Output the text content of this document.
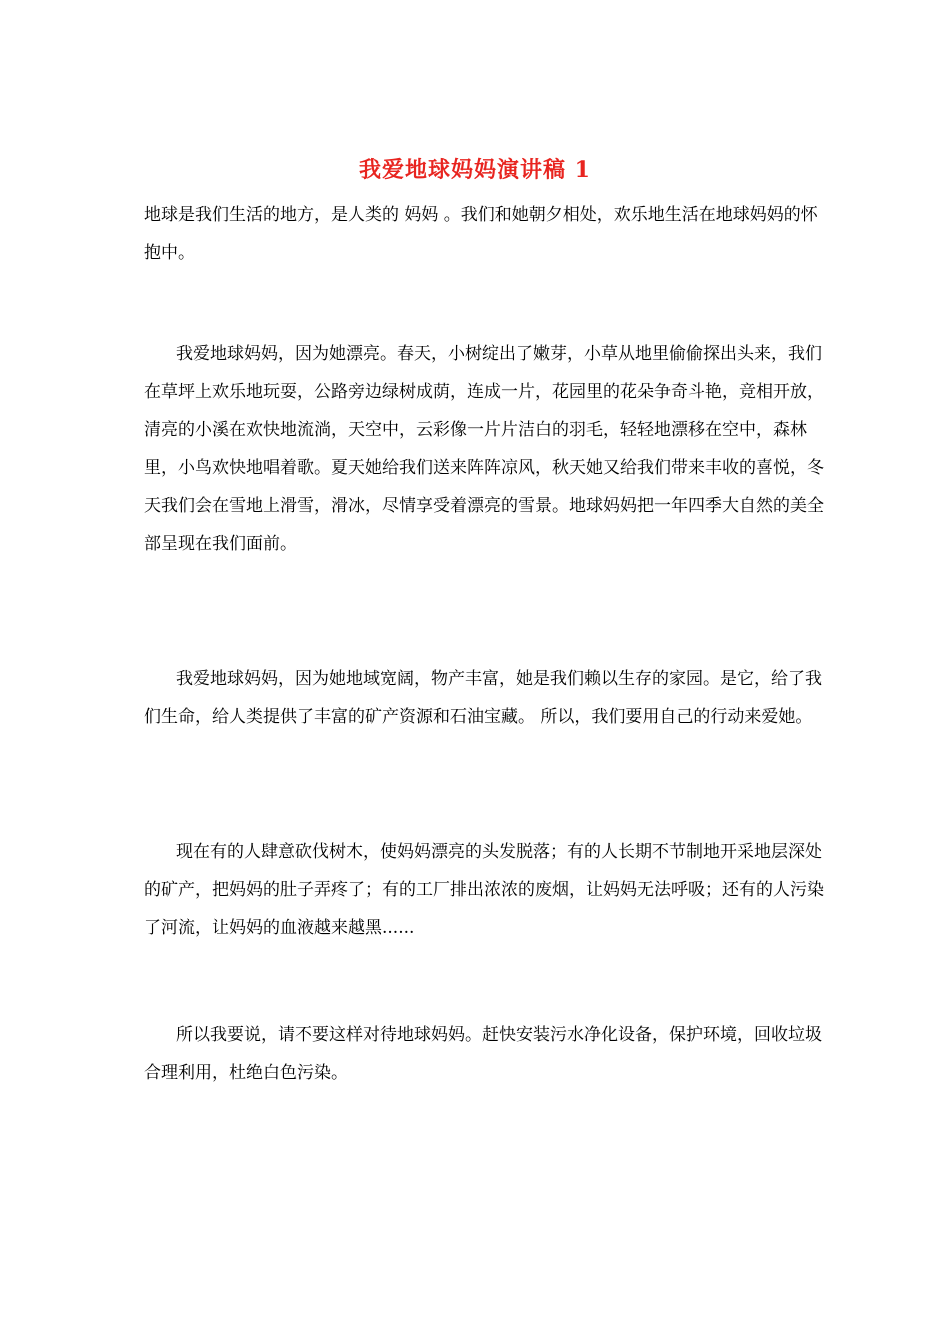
我爱地球妈妈演讲稿 1

地球是我们生活的地方，是人类的 妈妈 。我们和她朝夕相处，欢乐地生活在地球妈妈的怀抱中。

我爱地球妈妈，因为她漂亮。春天，小树绽出了嫩芽，小草从地里偷偷探出头来，我们在草坪上欢乐地玩耍，公路旁边绿树成荫，连成一片，花园里的花朵争奇斗艳，竞相开放，清亮的小溪在欢快地流淌，天空中，云彩像一片片洁白的羽毛，轻轻地漂移在空中，森林里，小鸟欢快地唱着歌。夏天她给我们送来阵阵凉风，秋天她又给我们带来丰收的喜悦，冬天我们会在雪地上滑雪，滑冰，尽情享受着漂亮的雪景。地球妈妈把一年四季大自然的美全部呈现在我们面前。

我爱地球妈妈，因为她地域宽阔，物产丰富，她是我们赖以生存的家园。是它，给了我们生命，给人类提供了丰富的矿产资源和石油宝藏。 所以，我们要用自己的行动来爱她。

现在有的人肆意砍伐树木，使妈妈漂亮的头发脱落；有的人长期不节制地开采地层深处的矿产，把妈妈的肚子弄疼了；有的工厂排出浓浓的废烟，让妈妈无法呼吸；还有的人污染了河流，让妈妈的血液越来越黑......

所以我要说，请不要这样对待地球妈妈。赶快安装污水净化设备，保护环境，回收垃圾合理利用，杜绝白色污染。
